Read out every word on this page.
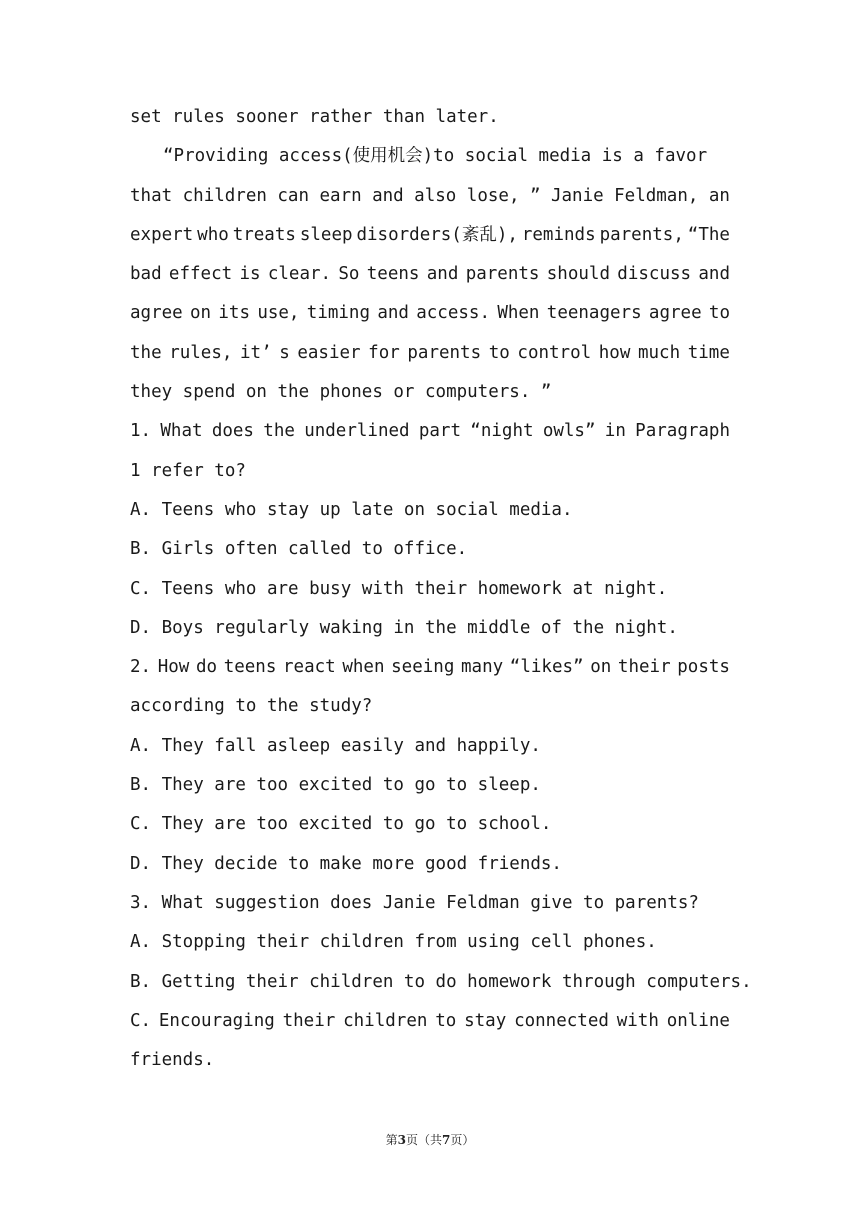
set rules sooner rather than later.
“Providing access(使用机会)to social media is a favor
that children can earn and also lose, ” Janie Feldman, an
expert who treats sleep disorders(紊乱), reminds parents, “The
bad effect is clear. So teens and parents should discuss and
agree on its use, timing and access. When teenagers agree to
the rules, it’ s easier for parents to control how much time
they spend on the phones or computers. ”
1. What does the underlined part “night owls” in Paragraph
1 refer to?
A. Teens who stay up late on social media.
B. Girls often called to office.
C. Teens who are busy with their homework at night.
D. Boys regularly waking in the middle of the night.
2. How do teens react when seeing many “likes” on their posts
according to the study?
A. They fall asleep easily and happily.
B. They are too excited to go to sleep.
C. They are too excited to go to school.
D. They decide to make more good friends.
3. What suggestion does Janie Feldman give to parents?
A. Stopping their children from using cell phones.
B. Getting their children to do homework through computers.
C. Encouraging their children to stay connected with online
friends.
第3页（共7页）
